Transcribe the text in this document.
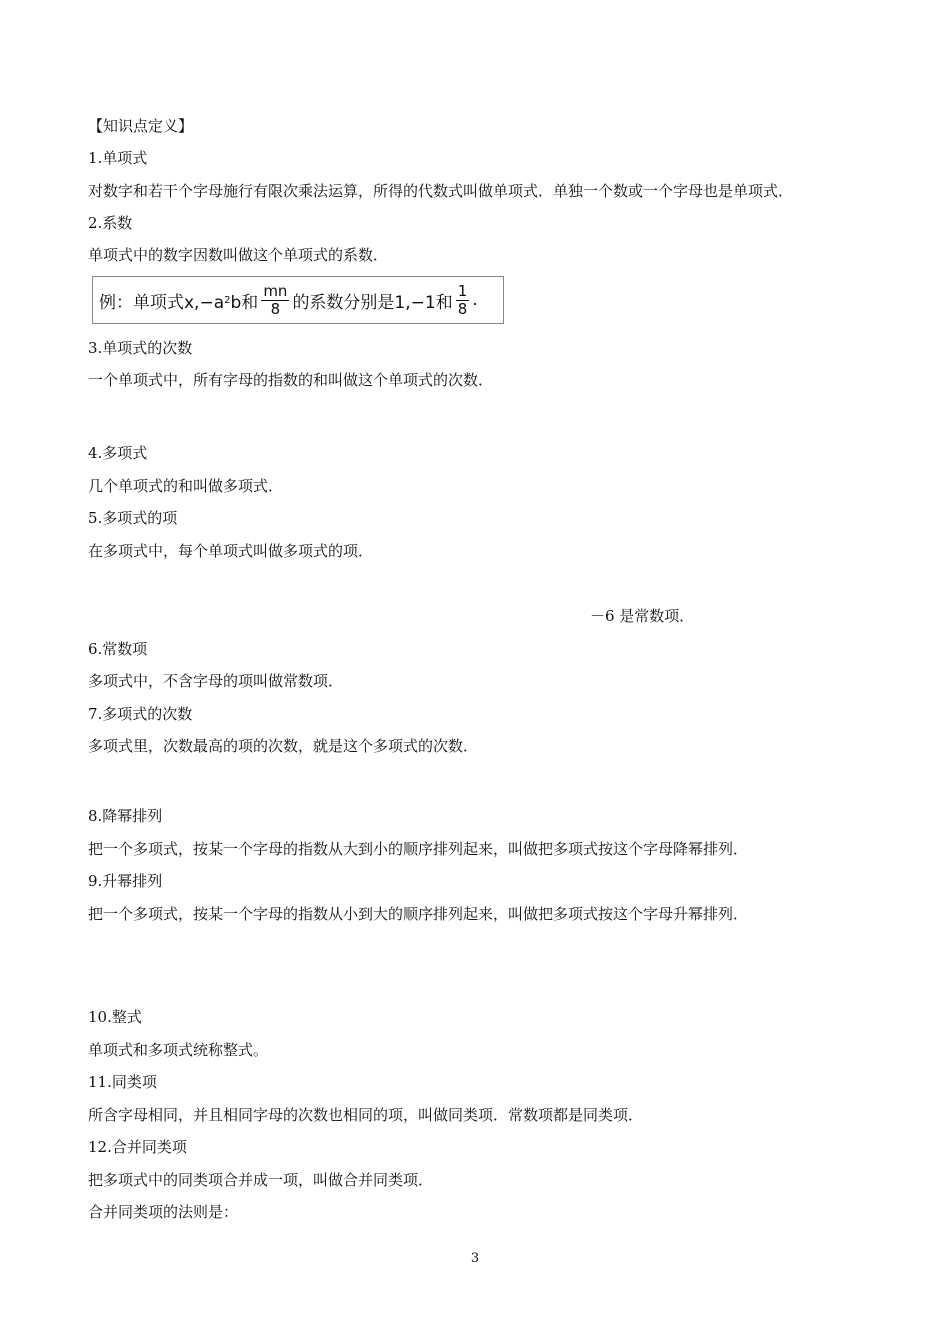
【知识点定义】
1.单项式
对数字和若干个字母施行有限次乘法运算，所得的代数式叫做单项式．单独一个数或一个字母也是单项式．
2.系数
单项式中的数字因数叫做这个单项式的系数．
例：单项式x,−a 2 b和 $\frac{mn}{8}$ 的系数分别是1,−1和 $\frac{1}{8}$ .
3.单项式的次数
一个单项式中，所有字母的指数的和叫做这个单项式的次数．
4.多项式
几个单项式的和叫做多项式．
5.多项式的项
在多项式中，每个单项式叫做多项式的项．
－6 是常数项．
6.常数项
多项式中，不含字母的项叫做常数项．
7.多项式的次数
多项式里，次数最高的项的次数，就是这个多项式的次数．
8.降幂排列
把一个多项式，按某一个字母的指数从大到小的顺序排列起来，叫做把多项式按这个字母降幂排列．
9.升幂排列
把一个多项式，按某一个字母的指数从小到大的顺序排列起来，叫做把多项式按这个字母升幂排列．
10.整式
单项式和多项式统称整式。
11.同类项
所含字母相同，并且相同字母的次数也相同的项，叫做同类项．常数项都是同类项．
12.合并同类项
把多项式中的同类项合并成一项，叫做合并同类项．
合并同类项的法则是：
3
